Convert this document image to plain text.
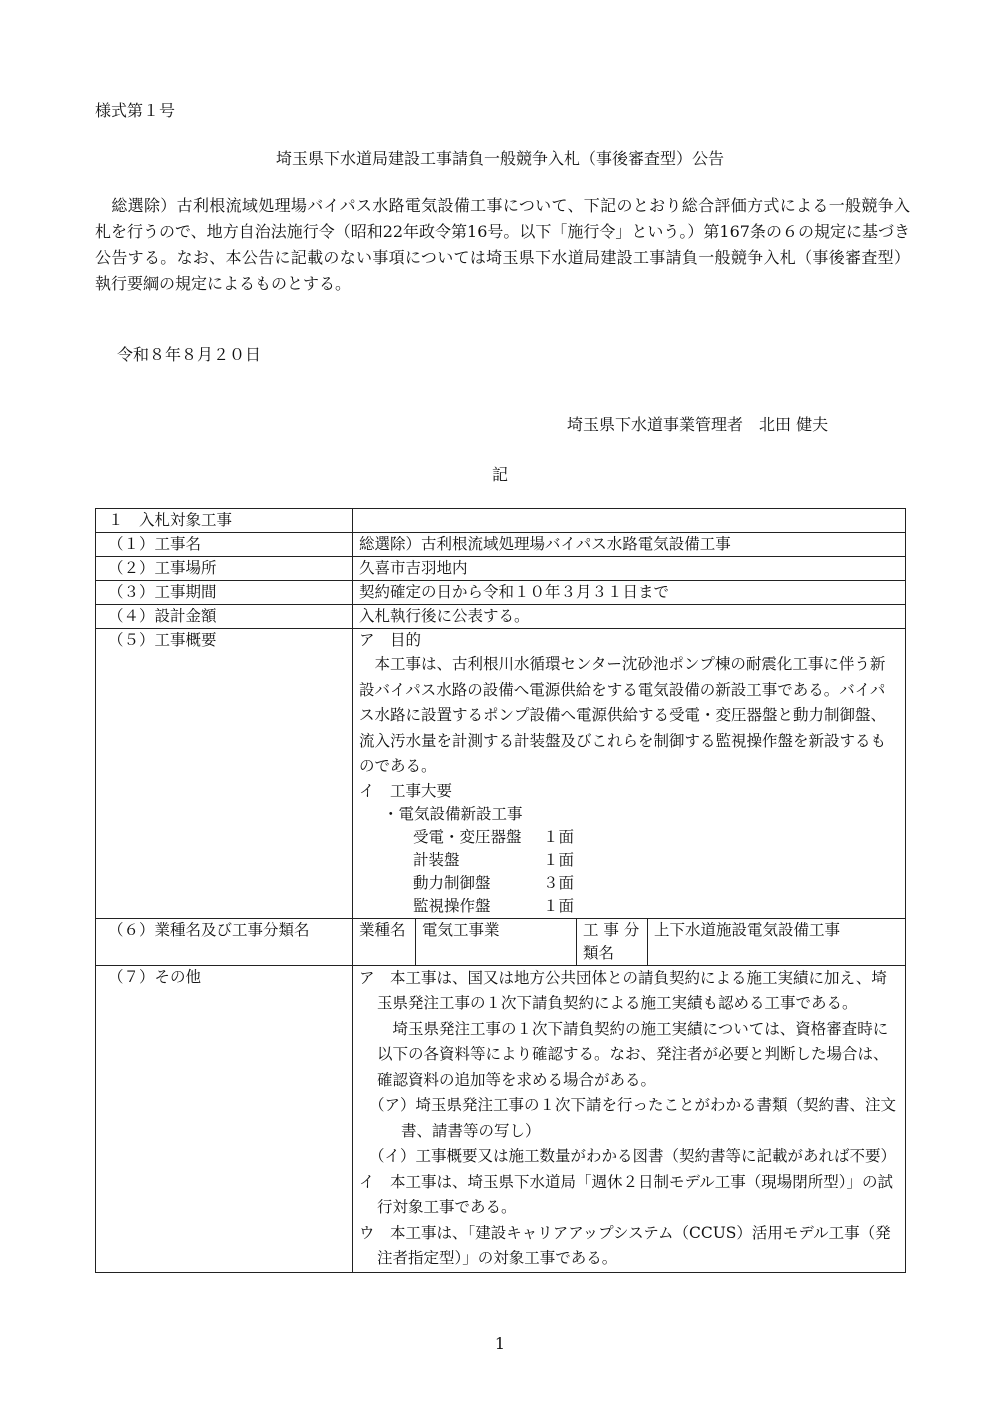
様式第１号
埼玉県下水道局建設工事請負一般競争入札（事後審査型）公告
　総選除）古利根流域処理場バイパス水路電気設備工事について、下記のとおり総合評価方式による一般競争入札を行うので、地方自治法施行令（昭和22年政令第16号。以下「施行令」という。）第167条の６の規定に基づき公告する。なお、本公告に記載のない事項については埼玉県下水道局建設工事請負一般競争入札（事後審査型）執行要綱の規定によるものとする。
令和８年８月２０日
埼玉県下水道事業管理者　北田 健夫
記
１　入札対象工事	
（１）工事名	総選除）古利根流域処理場バイパス水路電気設備工事
（２）工事場所	久喜市吉羽地内
（３）工事期間	契約確定の日から令和１０年３月３１日まで
（４）設計金額	入札執行後に公表する。
（５）工事概要	ア　目的
　本工事は、古利根川水循環センター沈砂池ポンプ棟の耐震化工事に伴う新設バイパス水路の設備へ電源供給をする電気設備の新設工事である。バイパス水路に設置するポンプ設備へ電源供給する受電・変圧器盤と動力制御盤、流入汚水量を計測する計装盤及びこれらを制御する監視操作盤を新設するものである。
イ　工事大要
・電気設備新設工事
受電・変圧器盤	１面
計装盤	１面
動力制御盤	３面
監視操作盤	１面

（６）業種名及び工事分類名		業種名	電気工事業	工 事 分 類名	上下水道施設電気設備工事

（７）その他	ア　本工事は、国又は地方公共団体との請負契約による施工実績に加え、埼玉県発注工事の１次下請負契約による施工実績も認める工事である。
　埼玉県発注工事の１次下請負契約の施工実績については、資格審査時に以下の各資料等により確認する。なお、発注者が必要と判断した場合は、確認資料の追加等を求める場合がある。
（ア）埼玉県発注工事の１次下請を行ったことがわかる書類（契約書、注文書、請書等の写し）
（イ）工事概要又は施工数量がわかる図書（契約書等に記載があれば不要）
イ　本工事は、埼玉県下水道局「週休２日制モデル工事（現場閉所型）」の試行対象工事である。
ウ　本工事は、「建設キャリアアップシステム（CCUS）活用モデル工事（発注者指定型）」の対象工事である。
1
